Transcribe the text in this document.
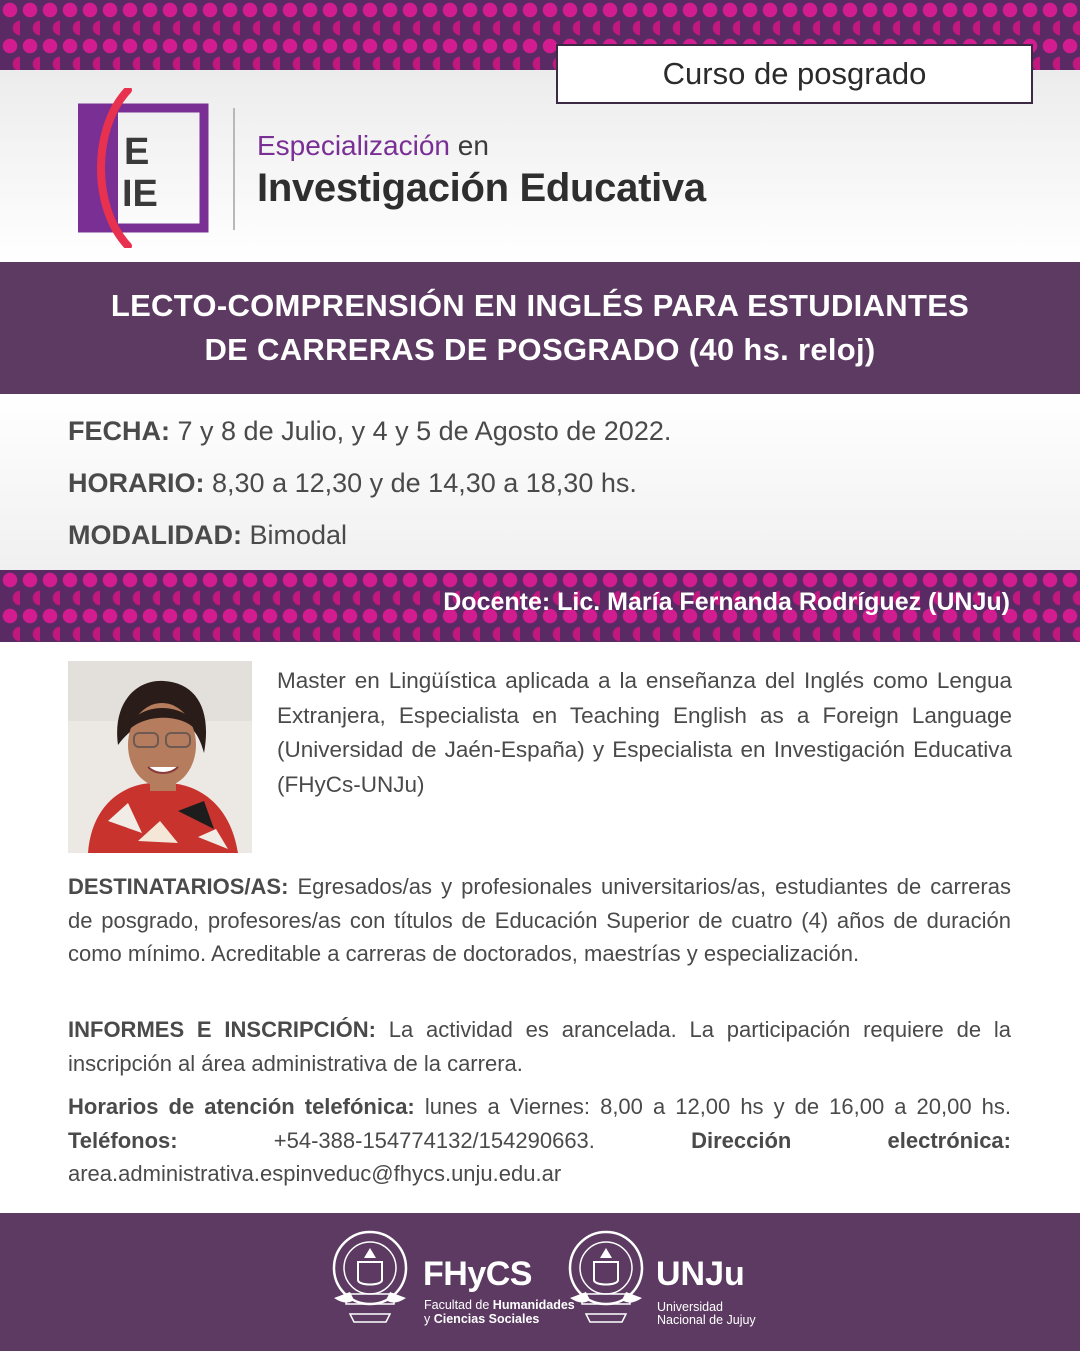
Curso de posgrado
E
IE
Especialización en
Investigación Educativa
LECTO-COMPRENSIÓN EN INGLÉS PARA ESTUDIANTES
DE CARRERAS DE POSGRADO (40 hs. reloj)
FECHA: 7 y 8 de Julio, y 4 y 5 de Agosto de 2022.
HORARIO: 8,30 a 12,30 y de 14,30 a 18,30 hs.
MODALIDAD: Bimodal
Docente: Lic. María Fernanda Rodríguez (UNJu)
Master en Lingüística aplicada a la enseñanza del Inglés como Lengua Extranjera, Especialista en Teaching English as a Foreign Language (Universidad de Jaén-España) y Especialista en Investigación Educativa (FHyCs-UNJu)
DESTINATARIOS/AS: Egresados/as y profesionales universitarios/as, estudiantes de carreras de posgrado, profesores/as con títulos de Educación Superior de cuatro (4) años de duración como mínimo. Acreditable a carreras de doctorados, maestrías y especialización.
INFORMES E INSCRIPCIÓN: La actividad es arancelada. La participación requiere de la inscripción al área administrativa de la carrera.
Horarios de atención telefónica: lunes a Viernes: 8,00 a 12,00 hs y de 16,00 a 20,00 hs. Teléfonos:	+54-388-154774132/154290663.	Dirección electrónica: area.administrativa.espinveduc@fhycs.unju.edu.ar
FHyCS
Facultad de Humanidades
y Ciencias Sociales
UNJu
Universidad
Nacional de Jujuy
